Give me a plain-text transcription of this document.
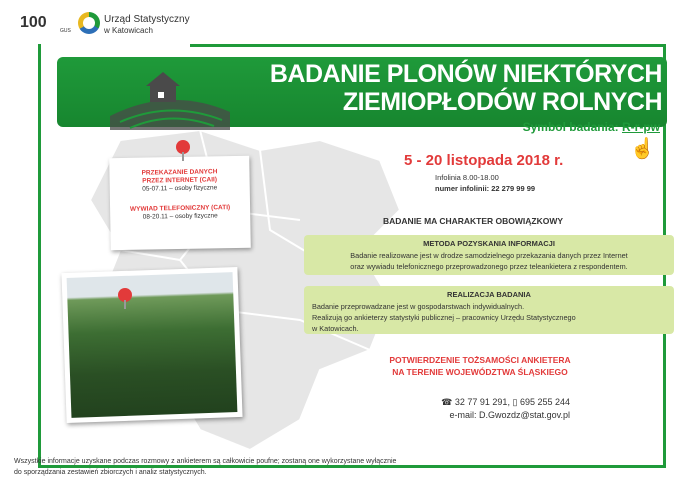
100	GUS
Urząd Statystyczny
w Katowicach
BADANIE PLONÓW NIEKTÓRYCH
ZIEMIOPŁODÓW ROLNYCH
Symbol badania: R-r-pw
☝
PRZEKAZANIE DANYCH
PRZEZ INTERNET (CAII)
05-07.11 – osoby fizyczne
WYWIAD TELEFONICZNY (CATI)
08-20.11 – osoby fizyczne
5 - 20 listopada 2018 r.
Infolinia 8.00-18.00
numer infolinii: 22 279 99 99
BADANIE MA CHARAKTER OBOWIĄZKOWY
METODA POZYSKANIA INFORMACJI
Badanie realizowane jest w drodze samodzielnego przekazania danych przez Internet
oraz wywiadu telefonicznego przeprowadzonego przez teleankietera z respondentem.
REALIZACJA BADANIA
Badanie przeprowadzane jest w gospodarstwach indywidualnych.
Realizują go ankieterzy statystyki publicznej – pracownicy Urzędu Statystycznego
w Katowicach.
POTWIERDZENIE TOŻSAMOŚCI ANKIETERA
NA TERENIE WOJEWÓDZTWA ŚLĄSKIEGO
☎ 32 77 91 291, ▯ 695 255 244
e-mail: D.Gwozdz@stat.gov.pl
Wszystkie informacje uzyskane podczas rozmowy z ankieterem są całkowicie poufne; zostaną one wykorzystane wyłącznie
do sporządzania zestawień zbiorczych i analiz statystycznych.
